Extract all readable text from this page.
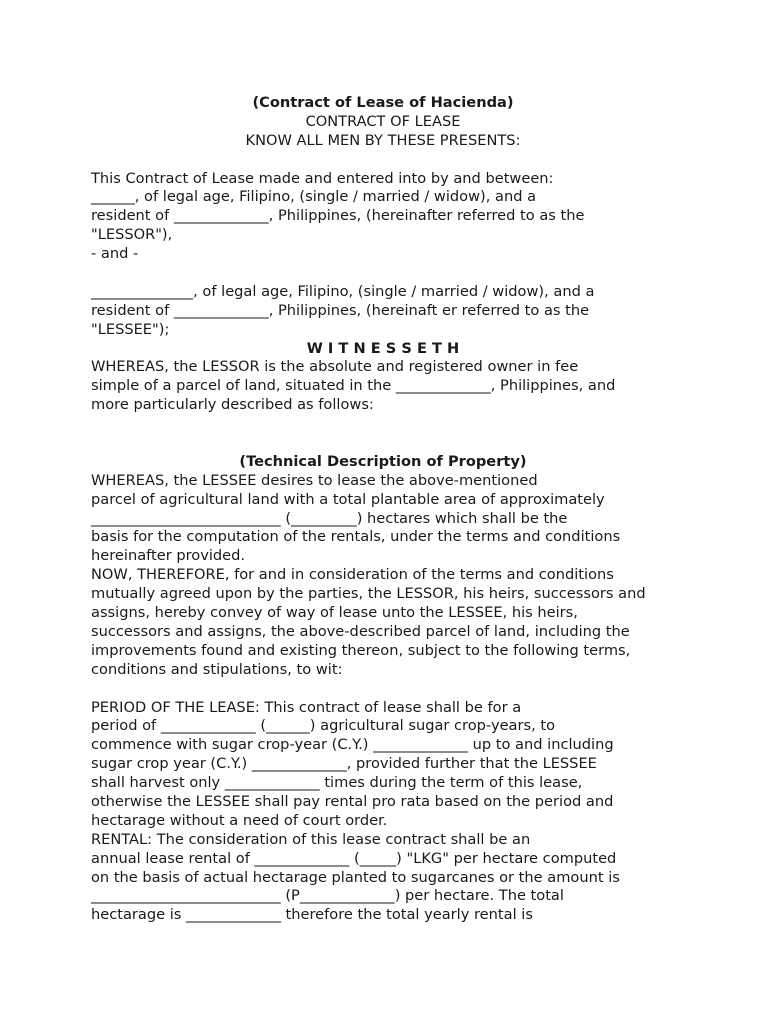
(Contract of Lease of Hacienda)
CONTRACT OF LEASE
KNOW ALL MEN BY THESE PRESENTS:
This Contract of Lease made and entered into by and between:
______, of legal age, Filipino, (single / married / widow), and a
resident of _____________, Philippines, (hereinafter referred to as the
"LESSOR"),
- and -
______________, of legal age, Filipino, (single / married / widow), and a
resident of _____________, Philippines, (hereinaft er referred to as the
"LESSEE");
W I T N E S S E T H
WHEREAS, the LESSOR is the absolute and registered owner in fee
simple of a parcel of land, situated in the _____________, Philippines, and
more particularly described as follows:
(Technical Description of Property)
WHEREAS, the LESSEE desires to lease the above-mentioned
parcel of agricultural land with a total plantable area of approximately
__________________________ (_________) hectares which shall be the
basis for the computation of the rentals, under the terms and conditions
hereinafter provided.
NOW, THEREFORE, for and in consideration of the terms and conditions
mutually agreed upon by the parties, the LESSOR, his heirs, successors and
assigns, hereby convey of way of lease unto the LESSEE, his heirs,
successors and assigns, the above-described parcel of land, including the
improvements found and existing thereon, subject to the following terms,
conditions and stipulations, to wit:
PERIOD OF THE LEASE: This contract of lease shall be for a
period of _____________ (______) agricultural sugar crop-years, to
commence with sugar crop-year (C.Y.) _____________ up to and including
sugar crop year (C.Y.) _____________, provided further that the LESSEE
shall harvest only _____________ times during the term of this lease,
otherwise the LESSEE shall pay rental pro rata based on the period and
hectarage without a need of court order.
RENTAL: The consideration of this lease contract shall be an
annual lease rental of _____________ (_____) "LKG" per hectare computed
on the basis of actual hectarage planted to sugarcanes or the amount is
__________________________ (P_____________) per hectare. The total
hectarage is _____________ therefore the total yearly rental is
